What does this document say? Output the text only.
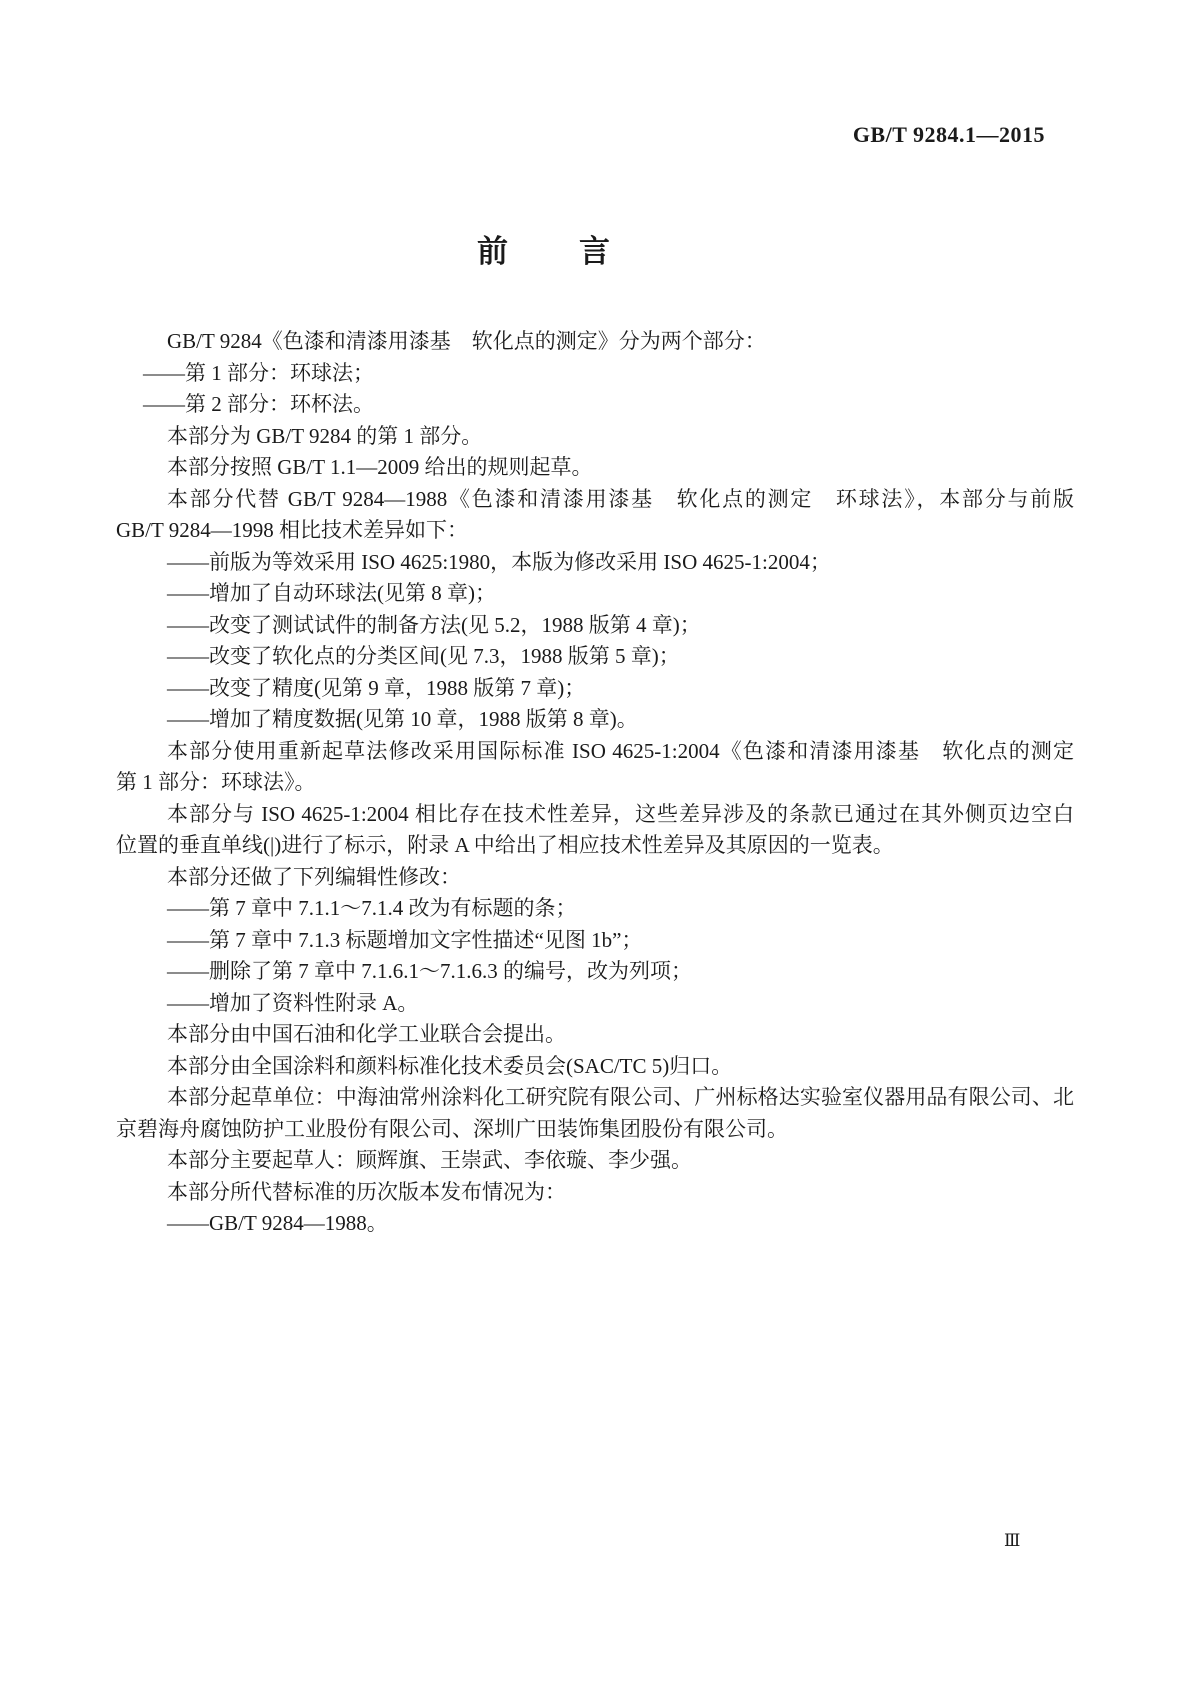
GB/T 9284.1—2015
前　　言
GB/T 9284《色漆和清漆用漆基　软化点的测定》分为两个部分：
——第 1 部分：环球法；
——第 2 部分：环杯法。
本部分为 GB/T 9284 的第 1 部分。
本部分按照 GB/T 1.1—2009 给出的规则起草。
本部分代替 GB/T 9284—1988《色漆和清漆用漆基　软化点的测定　环球法》，本部分与前版
GB/T 9284—1998 相比技术差异如下：
——前版为等效采用 ISO 4625:1980，本版为修改采用 ISO 4625-1:2004；
——增加了自动环球法(见第 8 章)；
——改变了测试试件的制备方法(见 5.2，1988 版第 4 章)；
——改变了软化点的分类区间(见 7.3，1988 版第 5 章)；
——改变了精度(见第 9 章，1988 版第 7 章)；
——增加了精度数据(见第 10 章，1988 版第 8 章)。
本部分使用重新起草法修改采用国际标准 ISO 4625-1:2004《色漆和清漆用漆基　软化点的测定
第 1 部分：环球法》。
本部分与 ISO 4625-1:2004 相比存在技术性差异，这些差异涉及的条款已通过在其外侧页边空白
位置的垂直单线(|)进行了标示，附录 A 中给出了相应技术性差异及其原因的一览表。
本部分还做了下列编辑性修改：
——第 7 章中 7.1.1～7.1.4 改为有标题的条；
——第 7 章中 7.1.3 标题增加文字性描述“见图 1b”；
——删除了第 7 章中 7.1.6.1～7.1.6.3 的编号，改为列项；
——增加了资料性附录 A。
本部分由中国石油和化学工业联合会提出。
本部分由全国涂料和颜料标准化技术委员会(SAC/TC 5)归口。
本部分起草单位：中海油常州涂料化工研究院有限公司、广州标格达实验室仪器用品有限公司、北
京碧海舟腐蚀防护工业股份有限公司、深圳广田装饰集团股份有限公司。
本部分主要起草人：顾辉旗、王崇武、李依璇、李少强。
本部分所代替标准的历次版本发布情况为：
——GB/T 9284—1988。
Ⅲ
